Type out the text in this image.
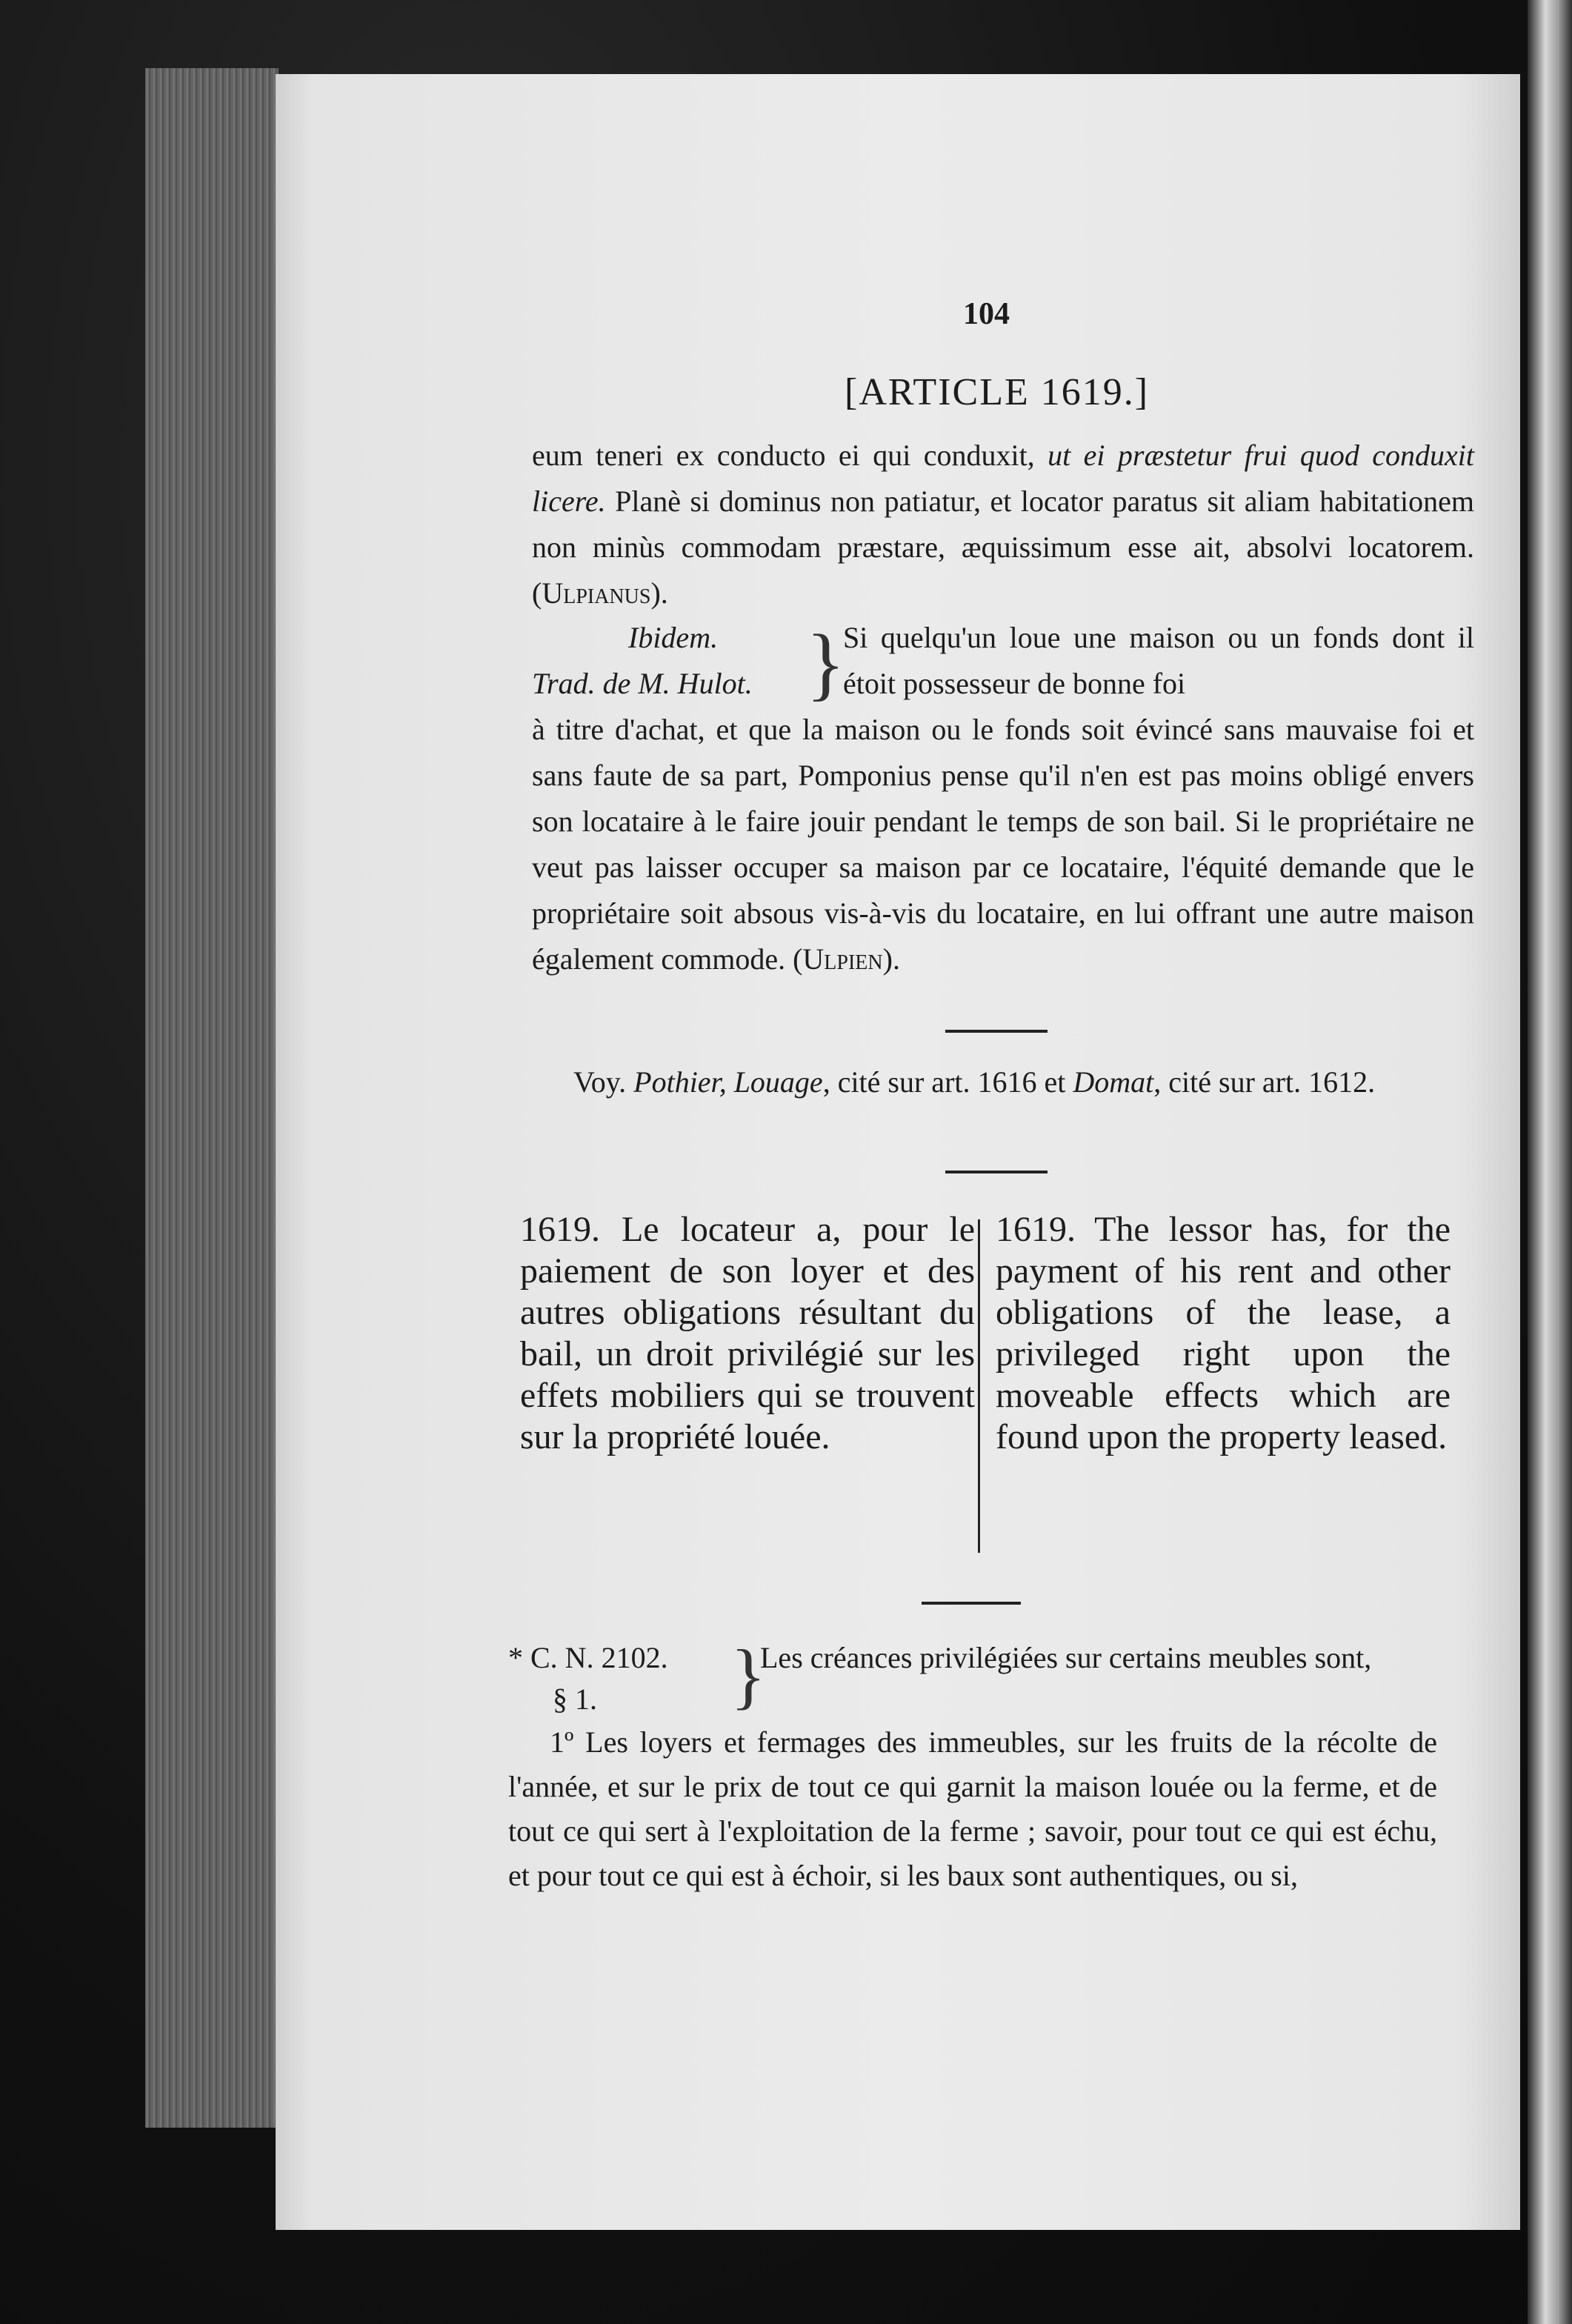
104
[ARTICLE 1619.]
eum teneri ex conducto ei qui conduxit, ut ei præstetur frui quod conduxit licere. Planè si dominus non patiatur, et locator paratus sit aliam habitationem non minùs commodam præstare, æquissimum esse ait, absolvi locatorem. (Ulpianus).
Ibidem.
Trad. de M. Hulot. }
Si quelqu'un loue une maison ou un fonds dont il étoit possesseur de bonne foi
à titre d'achat, et que la maison ou le fonds soit évincé sans mauvaise foi et sans faute de sa part, Pomponius pense qu'il n'en est pas moins obligé envers son locataire à le faire jouir pendant le temps de son bail. Si le propriétaire ne veut pas laisser occuper sa maison par ce locataire, l'équité demande que le propriétaire soit absous vis-à-vis du locataire, en lui offrant une autre maison également commode. (Ulpien).
Voy. Pothier, Louage, cité sur art. 1616 et Domat, cité sur art. 1612.
1619. Le locateur a, pour le paiement de son loyer et des autres obligations résultant du bail, un droit privilégié sur les effets mobiliers qui se trouvent sur la propriété louée.
1619. The lessor has, for the payment of his rent and other obligations of the lease, a privileged right upon the moveable effects which are found upon the property leased.
* C. N. 2102.
§ 1.	}
Les créances privilégiées sur certains meubles sont,
1º Les loyers et fermages des immeubles, sur les fruits de la récolte de l'année, et sur le prix de tout ce qui garnit la maison louée ou la ferme, et de tout ce qui sert à l'exploitation de la ferme ; savoir, pour tout ce qui est échu, et pour tout ce qui est à échoir, si les baux sont authentiques, ou si,
